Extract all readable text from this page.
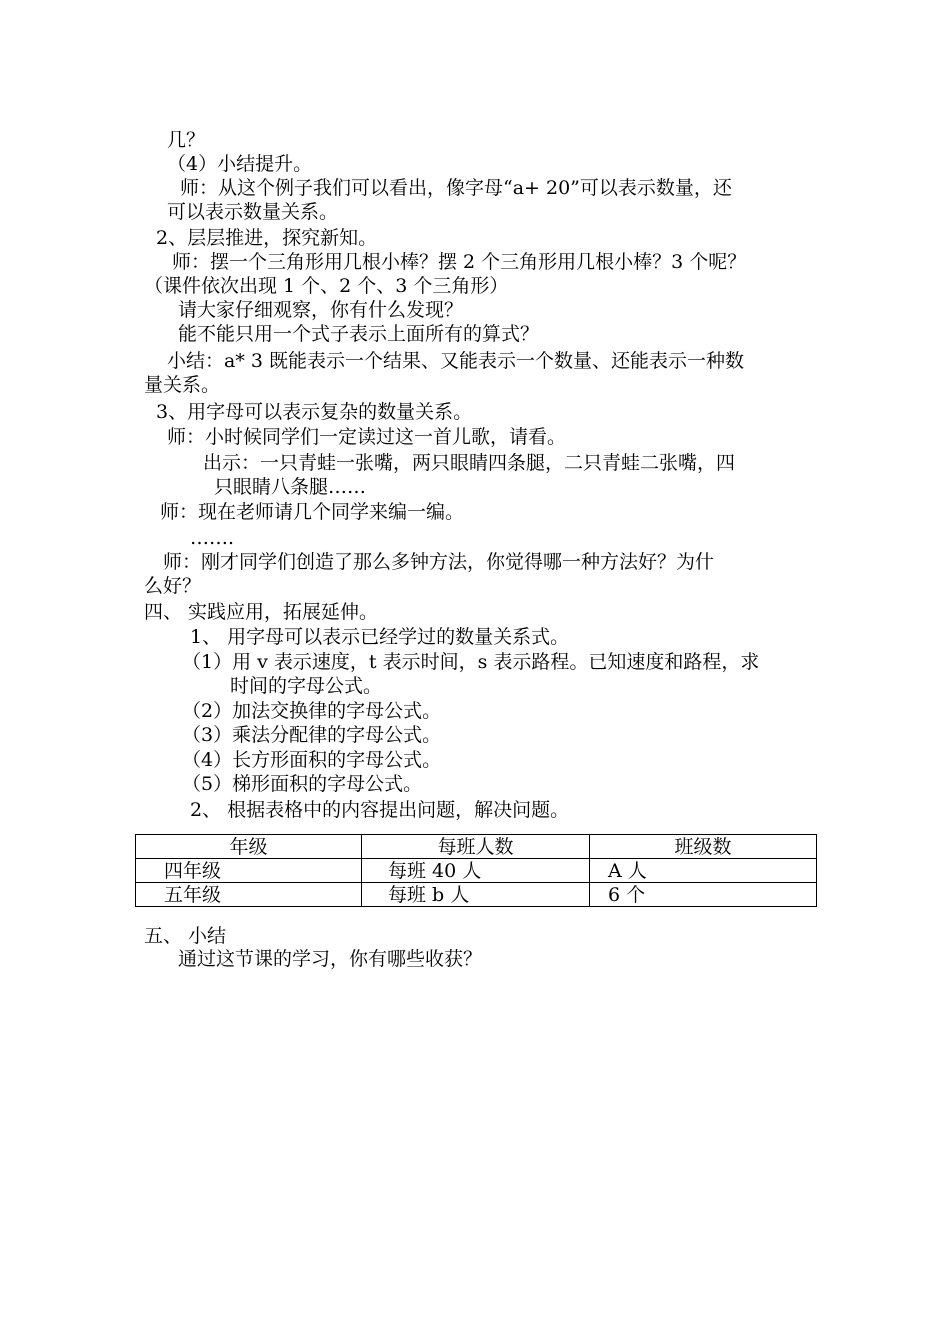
几？
（4）小结提升。
师：从这个例子我们可以看出，像字母“a+ 20”可以表示数量，还
可以表示数量关系。
2、层层推进，探究新知。
师：摆一个三角形用几根小棒？摆 2 个三角形用几根小棒？3 个呢？
（课件依次出现 1 个、2 个、3 个三角形）
请大家仔细观察，你有什么发现？
能不能只用一个式子表示上面所有的算式？
小结：a* 3 既能表示一个结果、又能表示一个数量、还能表示一种数
量关系。
3、用字母可以表示复杂的数量关系。
师：小时候同学们一定读过这一首儿歌，请看。
出示：一只青蛙一张嘴，两只眼睛四条腿，二只青蛙二张嘴，四
只眼睛八条腿……
师：现在老师请几个同学来编一编。
…….
师：刚才同学们创造了那么多钟方法，你觉得哪一种方法好？为什
么好？
四、 实践应用，拓展延伸。
1、 用字母可以表示已经学过的数量关系式。
（1）用 v 表示速度，t 表示时间，s 表示路程。已知速度和路程，求
时间的字母公式。
（2）加法交换律的字母公式。
（3）乘法分配律的字母公式。
（4）长方形面积的字母公式。
（5）梯形面积的字母公式。
2、 根据表格中的内容提出问题，解决问题。
年级	每班人数	班级数
四年级	每班 40 人	A 人
五年级	每班 b 人	6 个
五、 小结
通过这节课的学习，你有哪些收获？
